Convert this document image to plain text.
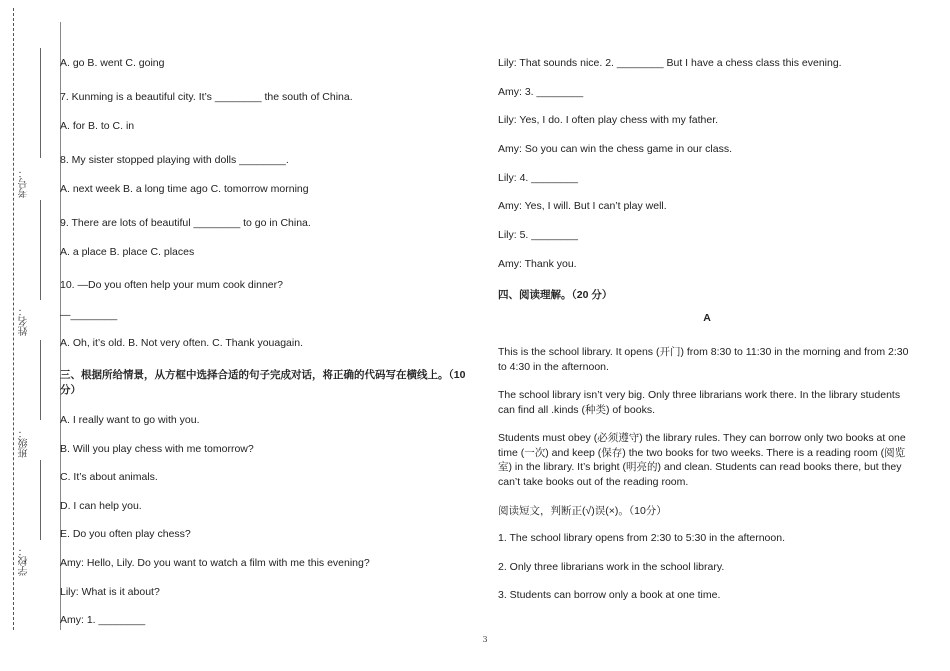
考号：
姓名：
班级：
学校：
A. go B. went C. going
7. Kunming is a beautiful city. It’s ________ the south of China.
A. for B. to C. in
8. My sister stopped playing with dolls ________.
A. next week B. a long time ago C. tomorrow morning
9. There are lots of beautiful ________ to go in China.
A. a place B. place C. places
10. —Do you often help your mum cook dinner?
—________
A. Oh, it’s old. B. Not very often. C. Thank youagain.
三、根据所给情景，从方框中选择合适的句子完成对话，将正确的代码写在横线上。（10分）
A. I really want to go with you.
B. Will you play chess with me tomorrow?
C. It’s about animals.
D. I can help you.
E. Do you often play chess?
Amy: Hello, Lily. Do you want to watch a film with me this evening?
Lily: What is it about?
Amy: 1. ________
Lily: That sounds nice. 2. ________ But I have a chess class this evening.
Amy: 3. ________
Lily: Yes, I do. I often play chess with my father.
Amy: So you can win the chess game in our class.
Lily: 4. ________
Amy: Yes, I will. But I can’t play well.
Lily: 5. ________
Amy: Thank you.
四、阅读理解。（20 分）
A
This is the school library. It opens (开门) from 8:30 to 11:30 in the morning and from 2:30 to 4:30 in the afternoon.
The school library isn’t very big. Only three librarians work there. In the library students can find all .kinds (种类) of books.
Students must obey (必须遵守) the library rules. They can borrow only two books at one time (一次) and keep (保存) the two books for two weeks. There is a reading room (阅览室) in the library. It’s bright (明亮的) and clean. Students can read books there, but they can’t take books out of the reading room.
阅读短文，判断正(√)误(×)。（10分）
1. The school library opens from 2:30 to 5:30 in the afternoon.
2. Only three librarians work in the school library.
3. Students can borrow only a book at one time.
3
